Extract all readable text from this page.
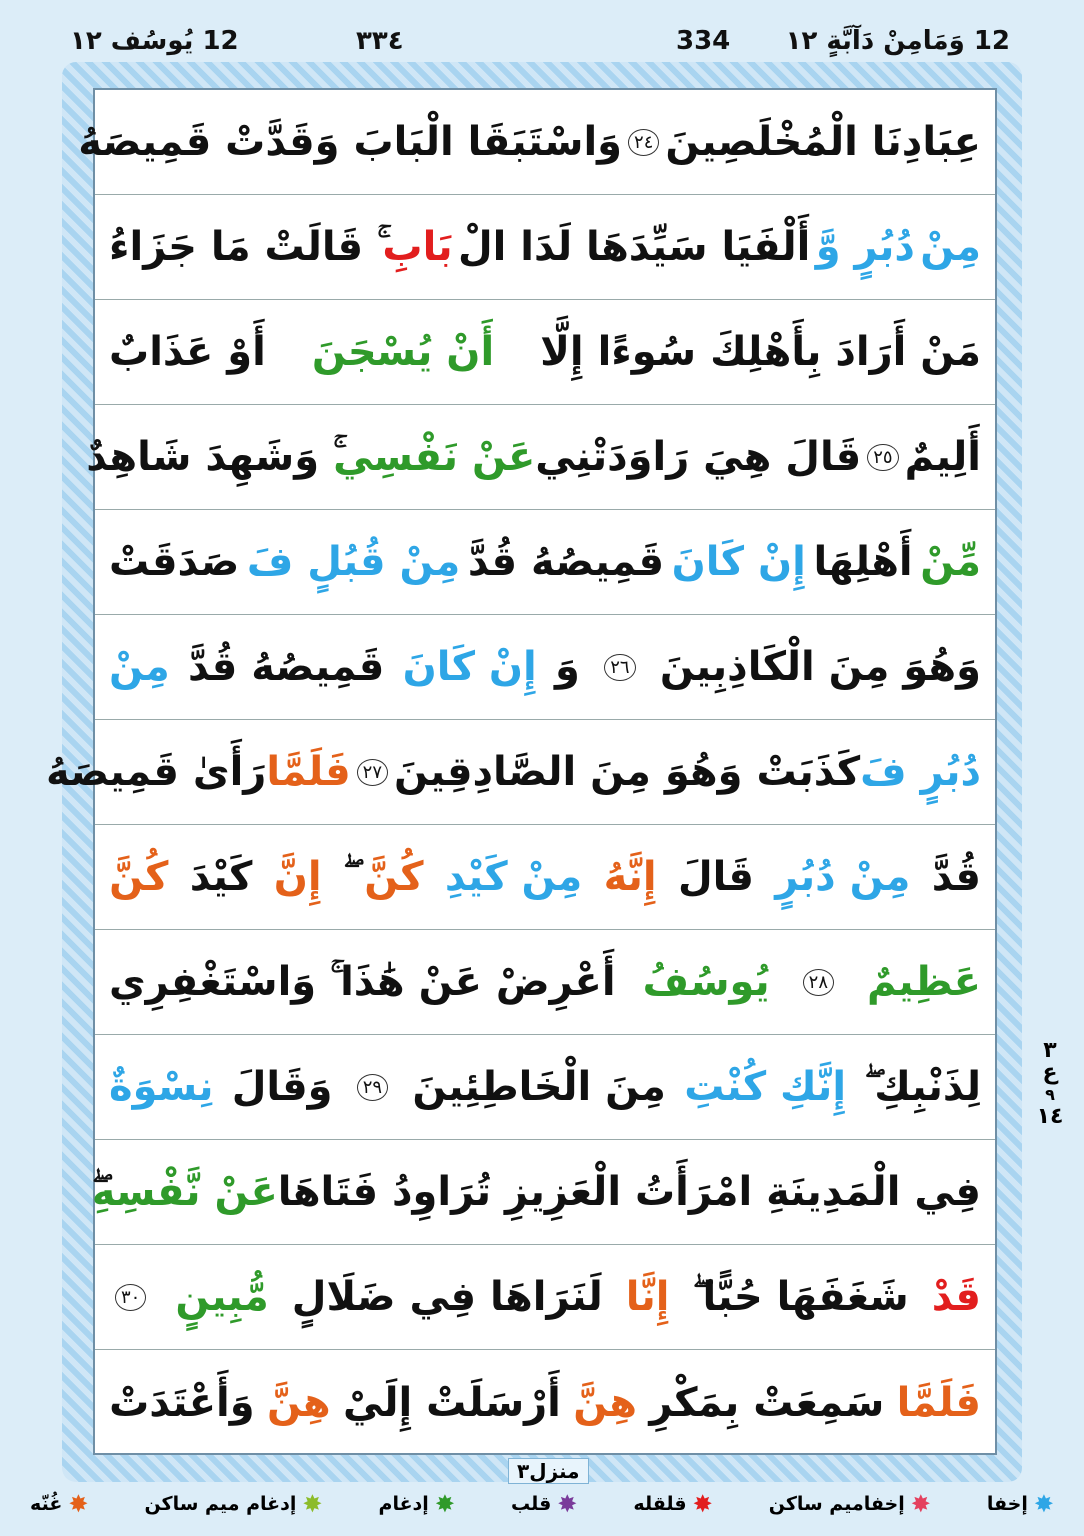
12 وَمَامِنْ دَآبَّةٍ ١٢
334
٣٣٤
12 يُوسُف ١٢
عِبَادِنَا الْمُخْلَصِينَ
٢٤
وَاسْتَبَقَا الْبَابَ وَقَدَّتْ قَمِيصَهُ
مِنْ
دُبُرٍ وَّ
أَلْفَيَا سَيِّدَهَا لَدَا الْ
بَابِ
ۚ قَالَتْ مَا جَزَاءُ
مَنْ أَرَادَ بِأَهْلِكَ سُوءًا إِلَّا
أَنْ يُسْجَنَ
أَوْ عَذَابٌ
أَلِيمٌ
٢٥
قَالَ هِيَ رَاوَدَتْنِي
عَنْ نَفْسِي
ۚ وَشَهِدَ شَاهِدٌ
مِّنْ
أَهْلِهَا
إِنْ كَانَ
قَمِيصُهُ قُدَّ
مِنْ قُبُلٍ فَ
صَدَقَتْ
وَهُوَ مِنَ الْكَاذِبِينَ
٢٦
وَ
إِنْ كَانَ
قَمِيصُهُ قُدَّ
مِنْ
دُبُرٍ فَ
كَذَبَتْ وَهُوَ مِنَ الصَّادِقِينَ
٢٧
فَلَمَّا
رَأَىٰ قَمِيصَهُ
قُدَّ
مِنْ دُبُرٍ
قَالَ
إِنَّهُ
مِنْ كَيْدِ
كُنَّ
إِنَّ
كَيْدَ
كُنَّ
عَظِيمٌ
٢٨
يُوسُفُ
أَعْرِضْ عَنْ هَٰذَا ۚ وَاسْتَغْفِرِي
لِذَنْبِكِ ۖ
إِنَّكِ كُنْتِ
مِنَ الْخَاطِئِينَ
٢٩
وَقَالَ
نِسْوَةٌ
فِي الْمَدِينَةِ امْرَأَتُ الْعَزِيزِ تُرَاوِدُ فَتَاهَا
عَنْ نَّفْسِهِ
قَدْ
شَغَفَهَا حُبًّا ۖ
إِنَّا
لَنَرَاهَا فِي ضَلَالٍ
مُّبِينٍ
٣٠
فَلَمَّا
سَمِعَتْ بِمَكْرِ
هِنَّ
أَرْسَلَتْ إِلَيْ
هِنَّ
وَأَعْتَدَتْ
٣
ع
٩
١٤
منزل٣
✸
إخفا
✸
إخفاميم ساكن
✸
قلقله
✸
قلب
✸
إدغام
✸
إدغام ميم ساكن
✸
غُنّه
